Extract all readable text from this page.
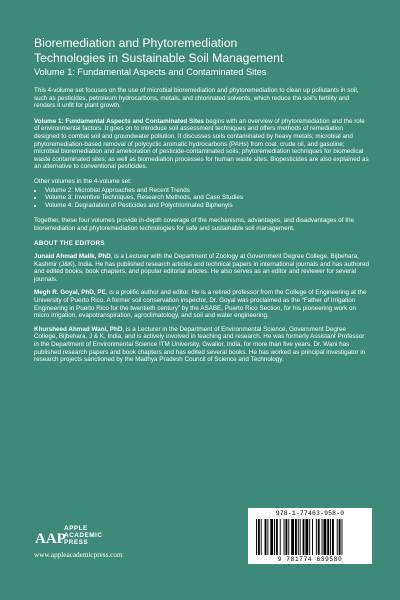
Bioremediation and Phytoremediation
Technologies in Sustainable Soil Management
Volume 1: Fundamental Aspects and Contaminated Sites

This 4-volume set focuses on the use of microbial bioremediation and phytoremediation to clean up pollutants in soil, such as pesticides, petroleum hydrocarbons, metals, and chlorinated solvents, which reduce the soil's fertility and renders it unfit for plant growth.

Volume 1: Fundamental Aspects and Contaminated Sites begins with an overview of phytoremediation and the role of environmental factors. It goes on to introduce soil assessment techniques and offers methods of remediation designed to combat soil and groundwater pollution. It discusses soils contaminated by heavy metals; microbial and phytoremediation-based removal of polycyclic aromatic hydrocarbons (PAHs) from coal, crude oil, and gasoline; microbial bioremediation and amelioration of pesticide-contaminated soils; phytoremediation techniques for biomedical waste contaminated sites; as well as biomediation processes for human waste sites. Biopesticides are also explained as an alternative to conventional pesticides.

Other volumes in the 4-volume set:

• Volume 2: Microbial Approaches and Recent Trends
• Volume 3: Inventive Techniques, Research Methods, and Case Studies
• Volume 4: Degradation of Pesticides and Polychlorinated Biphenyls

Together, these four volumes provide in-depth coverage of the mechanisms, advantages, and disadvantages of the bioremediation and phytoremediation technologies for safe and sustainable soil management.

ABOUT THE EDITORS

Junaid Ahmad Malik, PhD, is a Lecturer with the Department of Zoology at Government Degree College, Bijbehara, Kashmir (J&K), India. He has published research articles and technical papers in international journals and has authored and edited books, book chapters, and popular editorial articles. He also serves as an editor and reviewer for several journals.

Megh R. Goyal, PhD, PE, is a prolific author and editor. He is a retired professor from the College of Engineering at the University of Puerto Rico. A former soil conservation inspector, Dr. Goyal was proclaimed as the “Father of Irrigation Engineering in Puerto Rico for the twentieth century” by the ASABE, Puerto Rico Section, for his pioneering work on micro irrigation, evapotranspiration, agroclimatology, and soil and water engineering.

Khursheed Ahmad Wani, PhD, is a Lecturer in the Department of Environmental Science, Government Degree College, Bijbehara, J & K, India, and is actively involved in teaching and research. He was formerly Assistant Professor in the Department of Environmental Science ITM University, Gwalior, India, for more than five years. Dr. Wani has published research papers and book chapters and has edited several books. He has worked as principal investigator in research projects sanctioned by the Madhya Pradesh Council of Science and Technology.

AAP
APPLE
ACADEMIC
PRESS
www.appleacademicpress.com
978-1-77463-958-0
9 781774 639580
